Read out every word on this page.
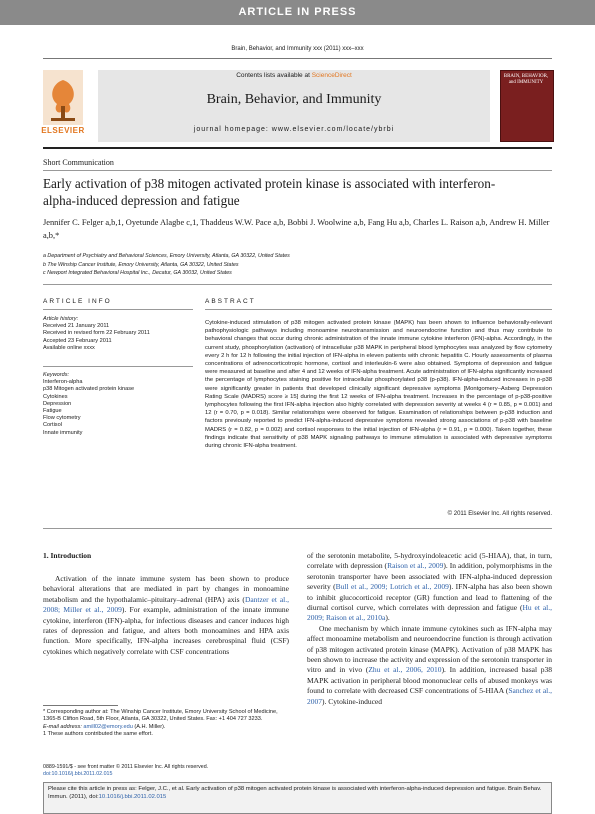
ARTICLE IN PRESS
Brain, Behavior, and Immunity xxx (2011) xxx–xxx
ELSEVIER
Contents lists available at ScienceDirect
Brain, Behavior, and Immunity
journal homepage: www.elsevier.com/locate/ybrbi
BRAIN, BEHAVIOR, and IMMUNITY
Short Communication
Early activation of p38 mitogen activated protein kinase is associated with interferon-alpha-induced depression and fatigue
Jennifer C. Felger a,b,1, Oyetunde Alagbe c,1, Thaddeus W.W. Pace a,b, Bobbi J. Woolwine a,b, Fang Hu a,b, Charles L. Raison a,b, Andrew H. Miller a,b,*
a Department of Psychiatry and Behavioral Sciences, Emory University, Atlanta, GA 30322, United States
b The Winship Cancer Institute, Emory University, Atlanta, GA 30322, United States
c Newport Integrated Behavioral Hospital Inc., Decatur, GA 30032, United States
ARTICLE INFO	ABSTRACT
Article history:
Received 21 January 2011
Received in revised form 22 February 2011
Accepted 23 February 2011
Available online xxxx
Keywords:
Interferon-alpha
p38 Mitogen activated protein kinase
Cytokines
Depression
Fatigue
Flow cytometry
Cortisol
Innate immunity
Cytokine-induced stimulation of p38 mitogen activated protein kinase (MAPK) has been shown to influence behaviorally-relevant pathophysiologic pathways including monoamine neurotransmission and neuroendocrine function and thus may contribute to behavioral changes that occur during chronic administration of the innate immune cytokine interferon (IFN)-alpha. Accordingly, in the current study, phosphorylation (activation) of intracellular p38 MAPK in peripheral blood lymphocytes was analyzed by flow cytometry every 2 h for 12 h following the initial injection of IFN-alpha in eleven patients with chronic hepatitis C. Hourly assessments of plasma concentrations of adrenocorticotropic hormone, cortisol and interleukin-6 were also obtained. Symptoms of depression and fatigue were measured at baseline and after 4 and 12 weeks of IFN-alpha treatment. Acute administration of IFN-alpha significantly increased the percentage of lymphocytes staining positive for intracellular phosphorylated p38 (p-p38). IFN-alpha-induced increases in p-p38 were significantly greater in patients that developed clinically significant depressive symptoms [Montgomery–Asberg Depression Rating Scale (MADRS) score ≥ 15] during the first 12 weeks of IFN-alpha treatment. Increases in the percentage of p-p38-positive lymphocytes following the first IFN-alpha injection also highly correlated with depression severity at weeks 4 (r = 0.85, p = 0.001) and 12 (r = 0.70, p = 0.018). Similar relationships were observed for fatigue. Examination of relationships between p-p38 induction and factors previously reported to predict IFN-alpha-induced depressive symptoms revealed strong associations of p-p38 with baseline MADRS (r = 0.82, p = 0.002) and cortisol responses to the initial injection of IFN-alpha (r = 0.91, p = 0.000). Taken together, these findings indicate that sensitivity of p38 MAPK signaling pathways to immune stimulation is associated with depressive symptoms during chronic IFN-alpha treatment.
© 2011 Elsevier Inc. All rights reserved.
1. Introduction
Activation of the innate immune system has been shown to produce behavioral alterations that are mediated in part by changes in monoamine metabolism and the hypothalamic–pituitary–adrenal (HPA) axis (Dantzer et al., 2008; Miller et al., 2009). For example, administration of the innate immune cytokine, interferon (IFN)-alpha, for infectious diseases and cancer induces high rates of depression and fatigue, and alters both monoamines and HPA axis function. More specifically, IFN-alpha increases cerebrospinal fluid (CSF) cytokines which negatively correlate with CSF concentrations

of the serotonin metabolite, 5-hydroxyindoleacetic acid (5-HIAA), that, in turn, correlate with depression (Raison et al., 2009). In addition, polymorphisms in the serotonin transporter have been associated with IFN-alpha-induced depression severity (Bull et al., 2009; Lotrich et al., 2009). IFN-alpha has also been shown to inhibit glucocorticoid receptor (GR) function and lead to flattening of the diurnal cortisol curve, which correlates with depression and fatigue (Hu et al., 2009; Raison et al., 2010a).

One mechanism by which innate immune cytokines such as IFN-alpha may affect monoamine metabolism and neuroendocrine function is through activation of p38 mitogen activated protein kinase (MAPK). Activation of p38 MAPK has been shown to increase the activity and expression of the serotonin transporter in vitro and in vivo (Zhu et al., 2006, 2010). In addition, increased basal p38 MAPK activation in peripheral blood mononuclear cells of abused monkeys was found to correlate with decreased CSF concentrations of 5-HIAA (Sanchez et al., 2007). Cytokine-induced

* Corresponding author at: The Winship Cancer Institute, Emory University School of Medicine, 1365-B Clifton Road, 5th Floor, Atlanta, GA 30322, United States. Fax: +1 404 727 3233.
E-mail address: amill02@emory.edu (A.H. Miller).
1 These authors contributed the same effort.
0889-1591/$ - see front matter © 2011 Elsevier Inc. All rights reserved.
doi:10.1016/j.bbi.2011.02.015
Please cite this article in press as: Felger, J.C., et al. Early activation of p38 mitogen activated protein kinase is associated with interferon-alpha-induced depression and fatigue. Brain Behav. Immun. (2011), doi:10.1016/j.bbi.2011.02.015
